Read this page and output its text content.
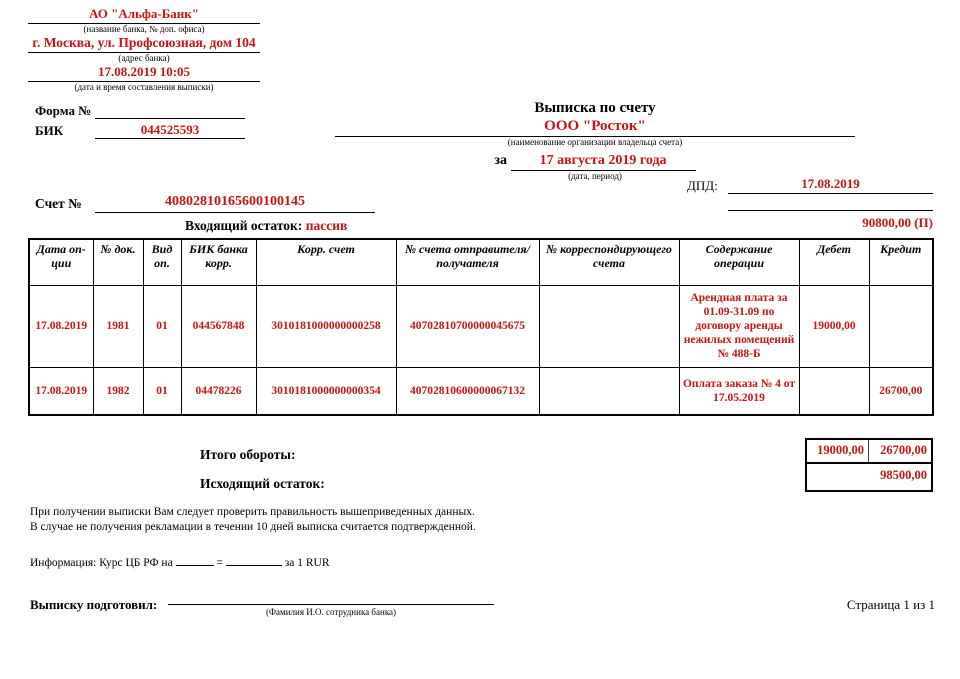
АО "Альфа-Банк"
(название банка, № доп. офиса)
г. Москва, ул. Профсоюзная, дом 104
(адрес банка)
17.08.2019 10:05
(дата и время составления выписки)
Форма №
БИК	044525593
Выписка по счету
ООО "Росток"
(наименование организации владельца счета)
за 17 августа 2019 года
(дата, период)
ДПД:	17.08.2019
Счет №	40802810165600100145
Входящий остаток: пассив	90800,00 (П)
Дата оп-ции	№ док.	Вид оп.	БИК банка корр.	Корр. счет	№ счета отправителя/ получателя	№ корреспондирующего счета	Содержание операции	Дебет	Кредит
17.08.2019	1981	01	044567848	3010181000000000258	40702810700000045675		Арендная плата за 01.09-31.09 по договору аренды нежилых помещений № 488-Б	19000,00	
17.08.2019	1982	01	04478226	3010181000000000354	40702810600000067132		Оплата заказа № 4 от 17.05.2019		26700,00
Итого обороты:
Исходящий остаток:
19000,00	26700,00
98500,00
При получении выписки Вам следует проверить правильность вышеприведенных данных.
В случае не получения рекламации в течении 10 дней выписка считается подтвержденной.
Информация: Курс ЦБ РФ на	=	за 1 RUR
Выписку подготовил:	(Фамилия И.О. сотрудника банка)	Страница 1 из 1
